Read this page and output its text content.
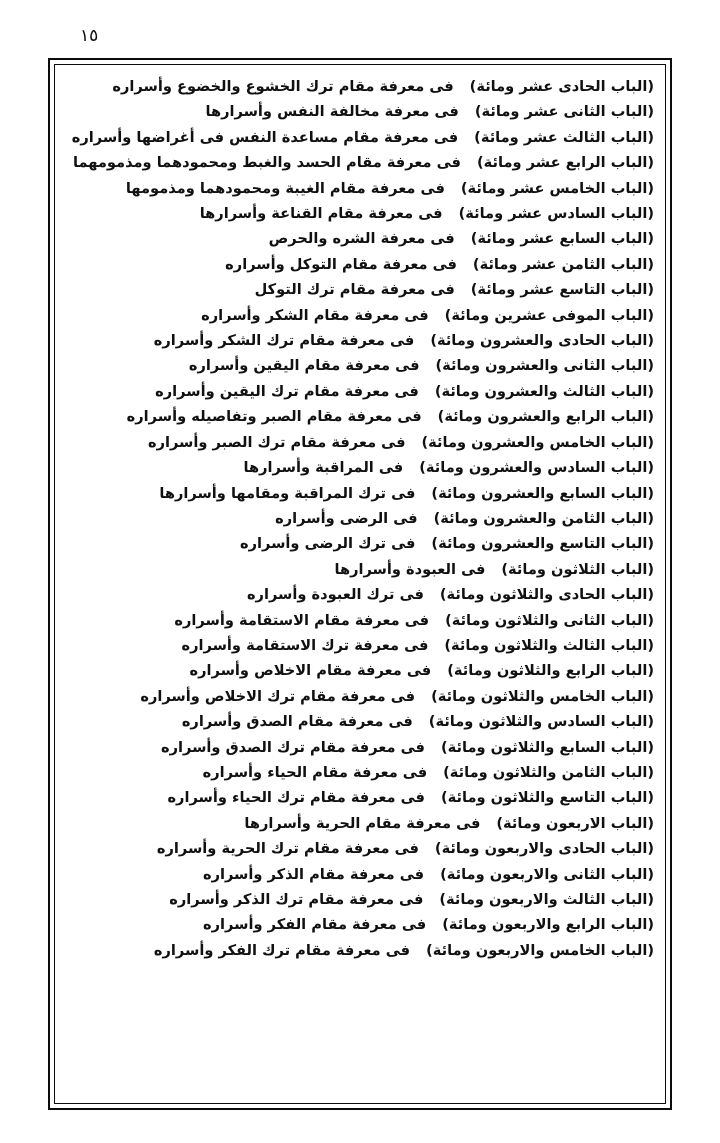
١٥
(الباب الحادى عشر ومائة)
فى معرفة مقام ترك الخشوع والخضوع وأسراره
(الباب الثانى عشر ومائة)
فى معرفة مخالفة النفس وأسرارها
(الباب الثالث عشر ومائة)
فى معرفة مقام مساعدة النفس فى أغراضها وأسراره
(الباب الرابع عشر ومائة)
فى معرفة مقام الحسد والغبط ومحمودهما ومذمومهما
(الباب الخامس عشر ومائة)
فى معرفة مقام الغيبة ومحمودهما ومذمومها
(الباب السادس عشر ومائة)
فى معرفة مقام القناعة وأسرارها
(الباب السابع عشر ومائة)
فى معرفة الشره والحرص
(الباب الثامن عشر ومائة)
فى معرفة مقام التوكل وأسراره
(الباب التاسع عشر ومائة)
فى معرفة مقام ترك التوكل
(الباب الموفى عشرين ومائة)
فى معرفة مقام الشكر وأسراره
(الباب الحادى والعشرون ومائة)
فى معرفة مقام ترك الشكر وأسراره
(الباب الثانى والعشرون ومائة)
فى معرفة مقام اليقين وأسراره
(الباب الثالث والعشرون ومائة)
فى معرفة مقام ترك اليقين وأسراره
(الباب الرابع والعشرون ومائة)
فى معرفة مقام الصبر وتفاصيله وأسراره
(الباب الخامس والعشرون ومائة)
فى معرفة مقام ترك الصبر وأسراره
(الباب السادس والعشرون ومائة)
فى المراقبة وأسرارها
(الباب السابع والعشرون ومائة)
فى ترك المراقبة ومقامها وأسرارها
(الباب الثامن والعشرون ومائة)
فى الرضى وأسراره
(الباب التاسع والعشرون ومائة)
فى ترك الرضى وأسراره
(الباب الثلاثون ومائة)
فى العبودة وأسرارها
(الباب الحادى والثلاثون ومائة)
فى ترك العبودة وأسراره
(الباب الثانى والثلاثون ومائة)
فى معرفة مقام الاستقامة وأسراره
(الباب الثالث والثلاثون ومائة)
فى معرفة ترك الاستقامة وأسراره
(الباب الرابع والثلاثون ومائة)
فى معرفة مقام الاخلاص وأسراره
(الباب الخامس والثلاثون ومائة)
فى معرفة مقام ترك الاخلاص وأسراره
(الباب السادس والثلاثون ومائة)
فى معرفة مقام الصدق وأسراره
(الباب السابع والثلاثون ومائة)
فى معرفة مقام ترك الصدق وأسراره
(الباب الثامن والثلاثون ومائة)
فى معرفة مقام الحياء وأسراره
(الباب التاسع والثلاثون ومائة)
فى معرفة مقام ترك الحياء وأسراره
(الباب الاربعون ومائة)
فى معرفة مقام الحرية وأسرارها
(الباب الحادى والاربعون ومائة)
فى معرفة مقام ترك الحرية وأسراره
(الباب الثانى والاربعون ومائة)
فى معرفة مقام الذكر وأسراره
(الباب الثالث والاربعون ومائة)
فى معرفة مقام ترك الذكر وأسراره
(الباب الرابع والاربعون ومائة)
فى معرفة مقام الفكر وأسراره
(الباب الخامس والاربعون ومائة)
فى معرفة مقام ترك الفكر وأسراره
